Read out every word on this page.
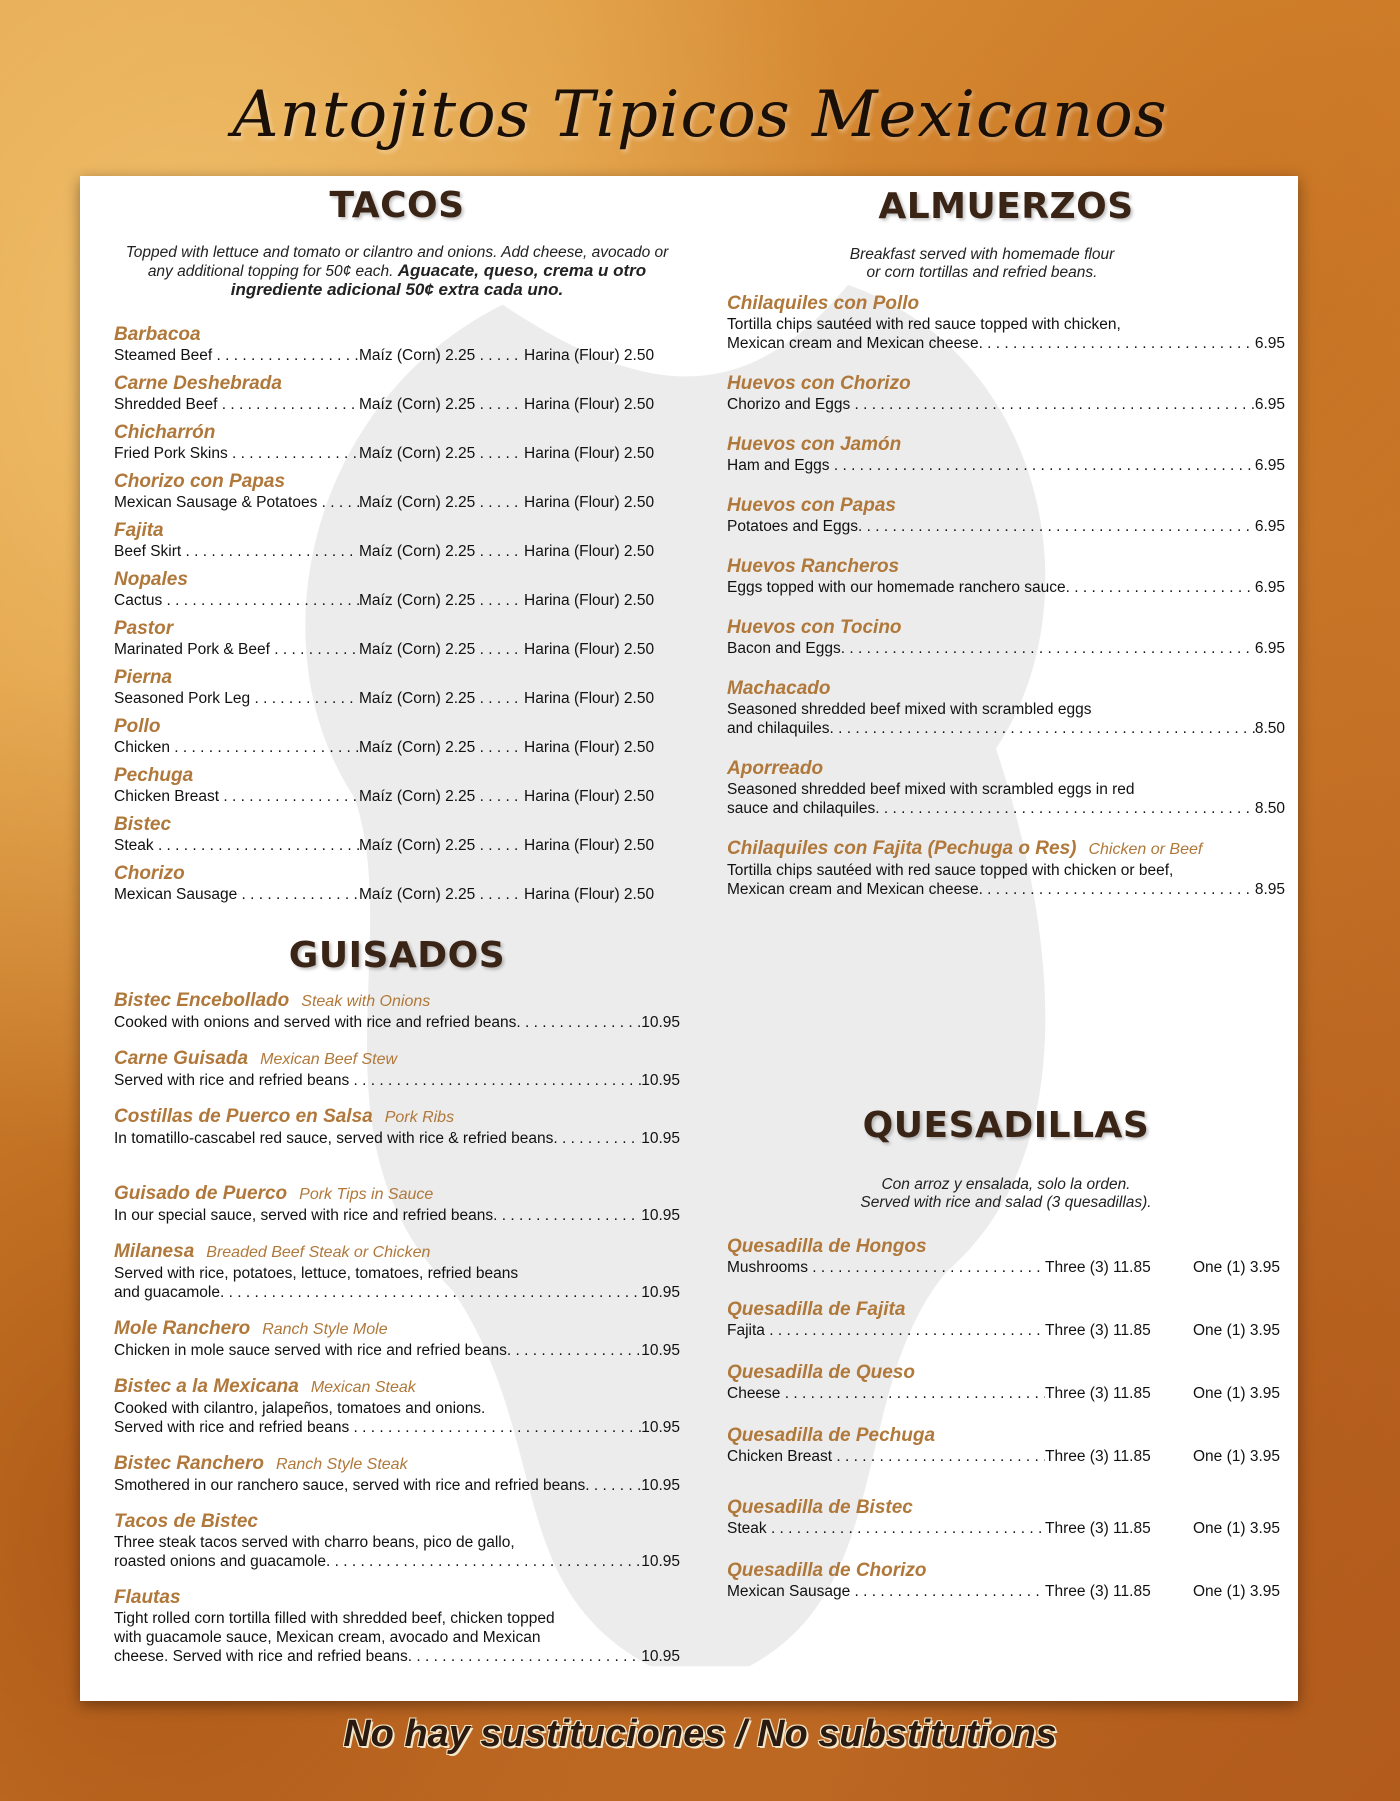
Antojitos Tipicos Mexicanos
TACOS
Topped with lettuce and tomato or cilantro and onions. Add cheese, avocado or any additional topping for 50¢ each. Aguacate, queso, crema u otro ingrediente adicional 50¢ extra cada uno.
Barbacoa
Steamed Beef . . .	Maíz (Corn) 2.25 . . .	Harina (Flour) 2.50
Carne Deshebrada
Shredded Beef . . .	Maíz (Corn) 2.25 . . .	Harina (Flour) 2.50
Chicharrón
Fried Pork Skins . . .	Maíz (Corn) 2.25 . . .	Harina (Flour) 2.50
Chorizo con Papas
Mexican Sausage & Potatoes . . .	Maíz (Corn) 2.25 . . .	Harina (Flour) 2.50
Fajita
Beef Skirt . . .	Maíz (Corn) 2.25 . . .	Harina (Flour) 2.50
Nopales
Cactus . . .	Maíz (Corn) 2.25 . . .	Harina (Flour) 2.50
Pastor
Marinated Pork & Beef . . .	Maíz (Corn) 2.25 . . .	Harina (Flour) 2.50
Pierna
Seasoned Pork Leg . . .	Maíz (Corn) 2.25 . . .	Harina (Flour) 2.50
Pollo
Chicken . . .	Maíz (Corn) 2.25 . . .	Harina (Flour) 2.50
Pechuga
Chicken Breast . . .	Maíz (Corn) 2.25 . . .	Harina (Flour) 2.50
Bistec
Steak . . .	Maíz (Corn) 2.25 . . .	Harina (Flour) 2.50
Chorizo
Mexican Sausage . . .	Maíz (Corn) 2.25 . . .	Harina (Flour) 2.50
GUISADOS
Bistec Encebollado Steak with Onions
Cooked with onions and served with rice and refried beans. . . .	10.95
Carne Guisada Mexican Beef Stew
Served with rice and refried beans . . .	10.95
Costillas de Puerco en Salsa Pork Ribs
In tomatillo-cascabel red sauce, served with rice & refried beans. . . .	10.95
Guisado de Puerco Pork Tips in Sauce
In our special sauce, served with rice and refried beans. . . .	10.95
Milanesa Breaded Beef Steak or Chicken
Served with rice, potatoes, lettuce, tomatoes, refried beans
and guacamole. . . .	10.95
Mole Ranchero Ranch Style Mole
Chicken in mole sauce served with rice and refried beans. . . .	10.95
Bistec a la Mexicana Mexican Steak
Cooked with cilantro, jalapeños, tomatoes and onions.
Served with rice and refried beans . . .	10.95
Bistec Ranchero Ranch Style Steak
Smothered in our ranchero sauce, served with rice and refried beans. . . .	10.95
Tacos de Bistec
Three steak tacos served with charro beans, pico de gallo,
roasted onions and guacamole. . . .	10.95
Flautas
Tight rolled corn tortilla filled with shredded beef, chicken topped
with guacamole sauce, Mexican cream, avocado and Mexican
cheese. Served with rice and refried beans. . . .	10.95
ALMUERZOS
Breakfast served with homemade flour or corn tortillas and refried beans.
Chilaquiles con Pollo
Tortilla chips sautéed with red sauce topped with chicken,
Mexican cream and Mexican cheese. . . .	6.95
Huevos con Chorizo
Chorizo and Eggs . . .	6.95
Huevos con Jamón
Ham and Eggs . . .	6.95
Huevos con Papas
Potatoes and Eggs. . . .	6.95
Huevos Rancheros
Eggs topped with our homemade ranchero sauce. . . .	6.95
Huevos con Tocino
Bacon and Eggs. . . .	6.95
Machacado
Seasoned shredded beef mixed with scrambled eggs
and chilaquiles. . . .	8.50
Aporreado
Seasoned shredded beef mixed with scrambled eggs in red
sauce and chilaquiles. . . .	8.50
Chilaquiles con Fajita (Pechuga o Res) Chicken or Beef
Tortilla chips sautéed with red sauce topped with chicken or beef,
Mexican cream and Mexican cheese. . . .	8.95
QUESADILLAS
Con arroz y ensalada, solo la orden.
Served with rice and salad (3 quesadillas).
Quesadilla de Hongos
Mushrooms . . .	Three (3) 11.85	One (1) 3.95
Quesadilla de Fajita
Fajita . . .	Three (3) 11.85	One (1) 3.95
Quesadilla de Queso
Cheese . . .	Three (3) 11.85	One (1) 3.95
Quesadilla de Pechuga
Chicken Breast . . .	Three (3) 11.85	One (1) 3.95
Quesadilla de Bistec
Steak . . .	Three (3) 11.85	One (1) 3.95
Quesadilla de Chorizo
Mexican Sausage . . .	Three (3) 11.85	One (1) 3.95
No hay sustituciones / No substitutions
